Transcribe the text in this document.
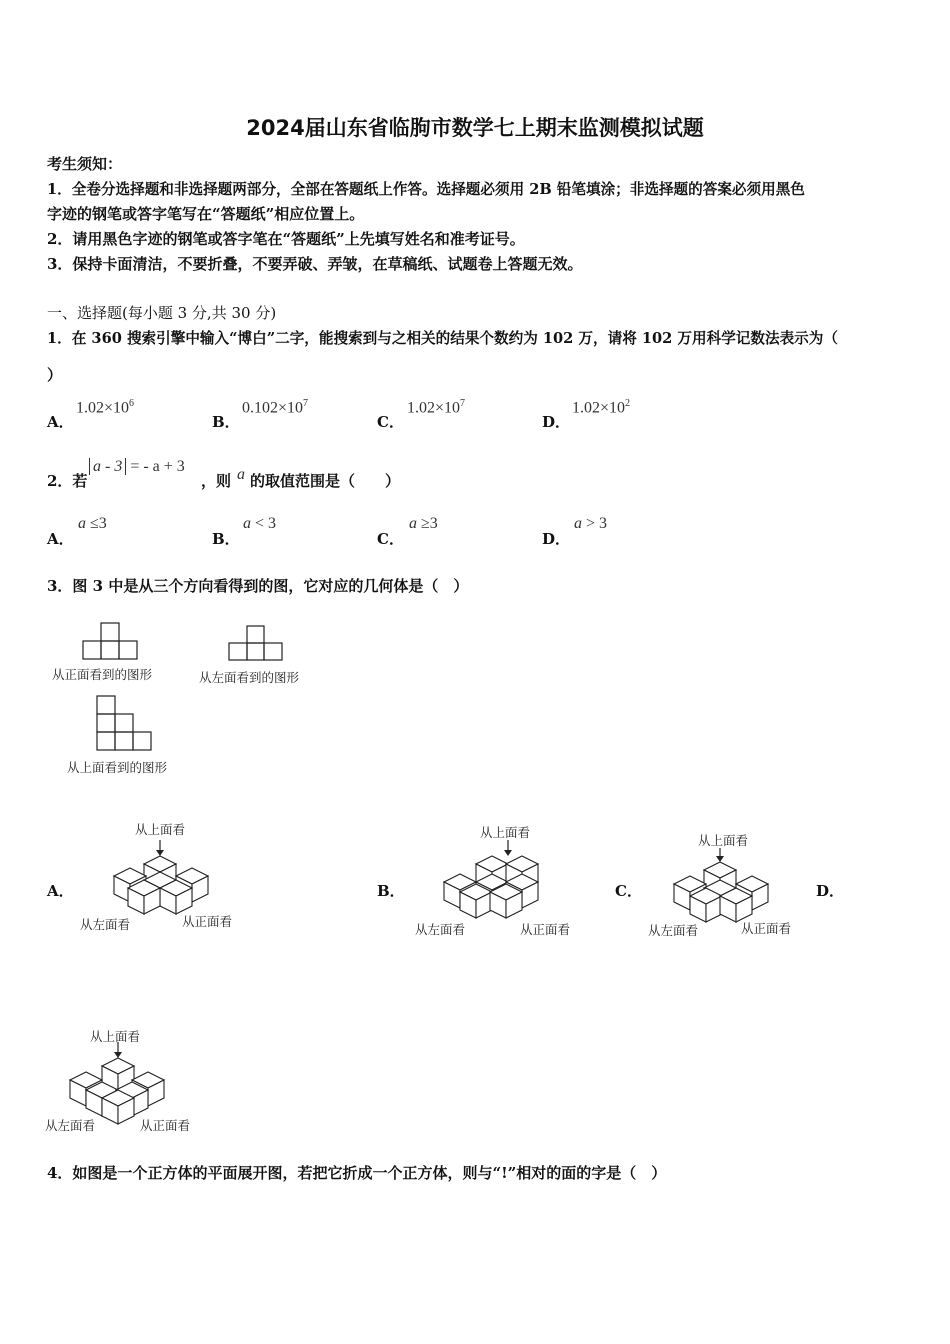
2024届山东省临朐市数学七上期末监测模拟试题
考生须知：
1．全卷分选择题和非选择题两部分，全部在答题纸上作答。选择题必须用 2B 铅笔填涂；非选择题的答案必须用黑色
字迹的钢笔或答字笔写在“答题纸”相应位置上。
2．请用黑色字迹的钢笔或答字笔在“答题纸”上先填写姓名和准考证号。
3．保持卡面清洁，不要折叠，不要弄破、弄皱，在草稿纸、试题卷上答题无效。
一、选择题(每小题 3 分,共 30 分)
1．在 360 搜索引擎中输入“博白”二字，能搜索到与之相关的结果个数约为 102 万，请将 102 万用科学记数法表示为（
）
A．
$1.02\times 10^6$
B．
$0.102\times 10^7$
C．
$1.02\times 10^7$
D．
$1.02\times 10^2$
2．若
a - 3 = - a + 3
，则 a 的取值范围是（　　）
A．
a ≤3
B．
a < 3
C．
a ≥3
D．
a > 3
3．图 3 中是从三个方向看得到的图，它对应的几何体是（　）
从正面看到的图形	从左面看到的图形
从上面看到的图形
A．	B．	C．	D．
从上面看
从左面看	从正面看
从上面看
从左面看	从正面看
从上面看
从左面看	从正面看
从上面看
从左面看	从正面看
4．如图是一个正方体的平面展开图，若把它折成一个正方体，则与“!”相对的面的字是（　）
